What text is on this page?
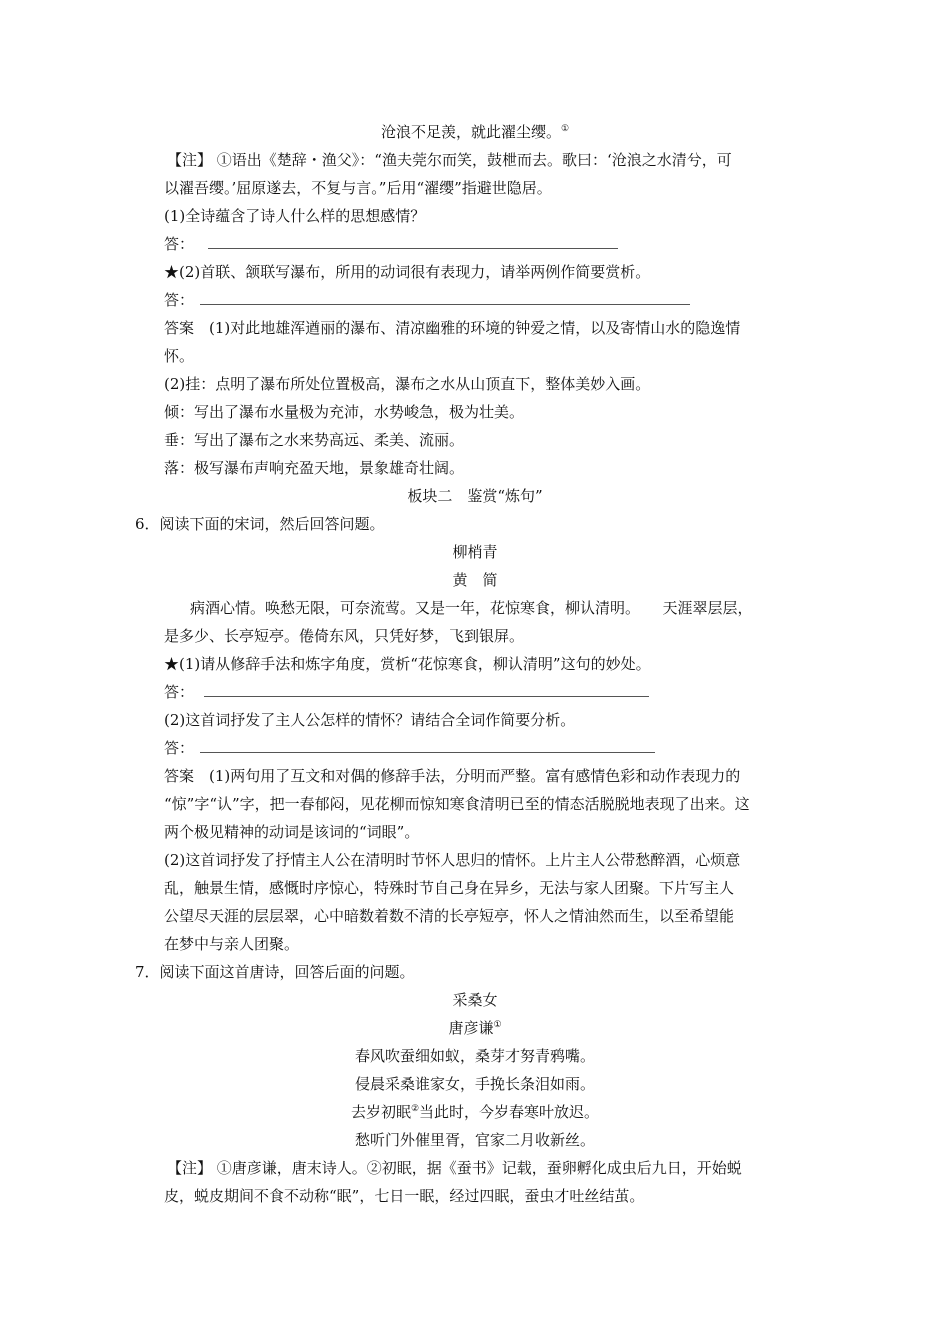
沧浪不足羡，就此濯尘缨。①
【注】 ①语出《楚辞・渔父》：“渔夫莞尔而笑，鼓枻而去。歌曰：‘沧浪之水清兮，可
以濯吾缨。’屈原遂去，不复与言。”后用“濯缨”指避世隐居。
(1)全诗蕴含了诗人什么样的思想感情？
答：
★(2)首联、颔联写瀑布，所用的动词很有表现力，请举两例作简要赏析。
答：
答案　(1)对此地雄浑遒丽的瀑布、清凉幽雅的环境的钟爱之情，以及寄情山水的隐逸情
怀。
(2)挂：点明了瀑布所处位置极高，瀑布之水从山顶直下，整体美妙入画。
倾：写出了瀑布水量极为充沛，水势峻急，极为壮美。
垂：写出了瀑布之水来势高远、柔美、流丽。
落：极写瀑布声响充盈天地，景象雄奇壮阔。
板块二　鉴赏“炼句”
6．阅读下面的宋词，然后回答问题。
柳梢青
黄　简
病酒心情。唤愁无限，可奈流莺。又是一年，花惊寒食，柳认清明。　　天涯翠层层，
是多少、长亭短亭。倦倚东风，只凭好梦，飞到银屏。
★(1)请从修辞手法和炼字角度，赏析“花惊寒食，柳认清明”这句的妙处。
答：
(2)这首词抒发了主人公怎样的情怀？请结合全词作简要分析。
答：
答案　(1)两句用了互文和对偶的修辞手法，分明而严整。富有感情色彩和动作表现力的
“惊”字“认”字，把一春郁闷，见花柳而惊知寒食清明已至的情态活脱脱地表现了出来。这
两个极见精神的动词是该词的“词眼”。
(2)这首词抒发了抒情主人公在清明时节怀人思归的情怀。上片主人公带愁醉酒，心烦意
乱，触景生情，感慨时序惊心，特殊时节自己身在异乡，无法与家人团聚。下片写主人
公望尽天涯的层层翠，心中暗数着数不清的长亭短亭，怀人之情油然而生，以至希望能
在梦中与亲人团聚。
7．阅读下面这首唐诗，回答后面的问题。
采桑女
唐彦谦①
春风吹蚕细如蚁，桑芽才努青鸦嘴。
侵晨采桑谁家女，手挽长条泪如雨。
去岁初眠②当此时，今岁春寒叶放迟。
愁听门外催里胥，官家二月收新丝。
【注】 ①唐彦谦，唐末诗人。②初眠，据《蚕书》记载，蚕卵孵化成虫后九日，开始蜕
皮，蜕皮期间不食不动称“眠”，七日一眠，经过四眠，蚕虫才吐丝结茧。
